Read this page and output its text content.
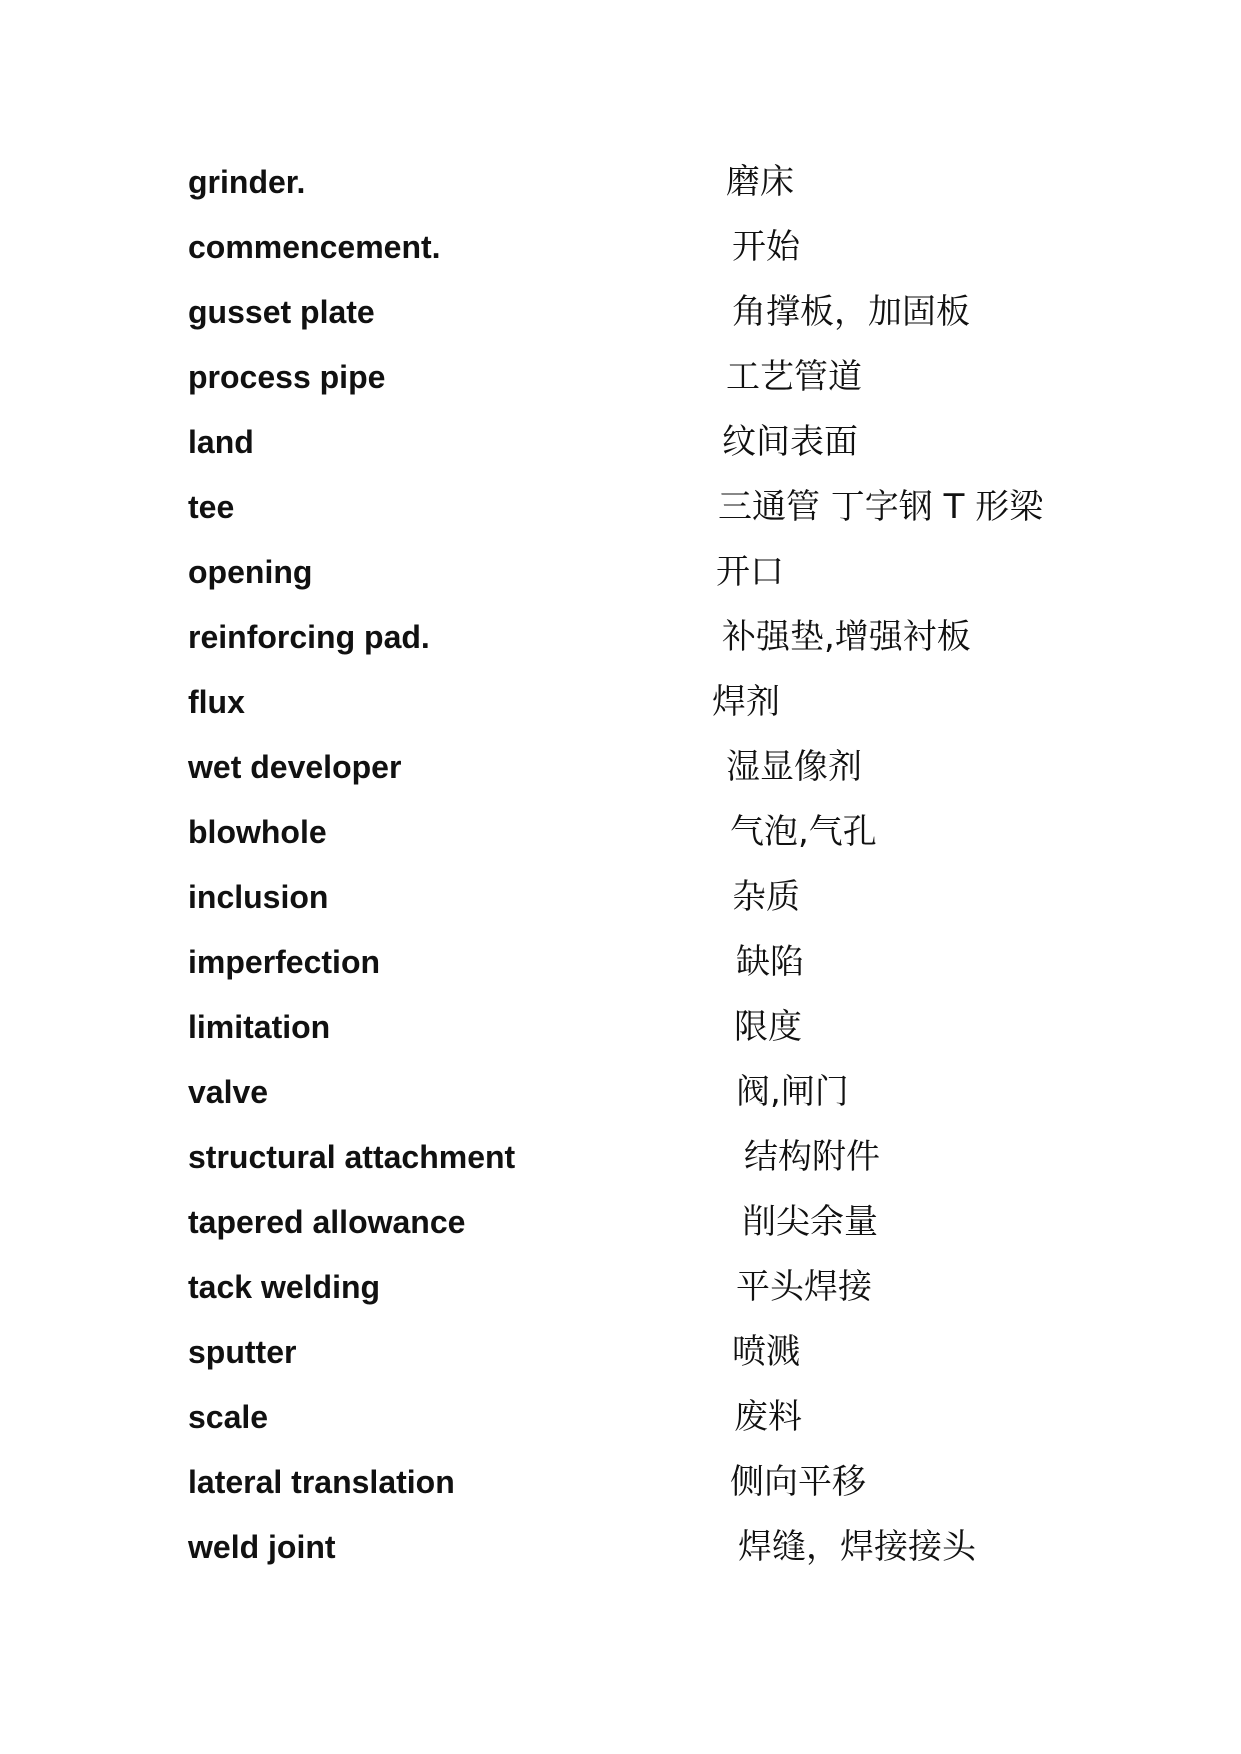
grinder.	磨床
commencement.	开始
gusset plate	角撑板，加固板
process pipe	工艺管道
land	纹间表面
tee	三通管 丁字钢 T 形梁
opening	开口
reinforcing pad.	补强垫,增强衬板
flux	焊剂
wet developer	湿显像剂
blowhole	气泡,气孔
inclusion	杂质
imperfection	缺陷
limitation	限度
valve	阀,闸门
structural attachment	结构附件
tapered allowance	削尖余量
tack welding	平头焊接
sputter	喷溅
scale	废料
lateral translation	侧向平移
weld joint	焊缝，焊接接头
